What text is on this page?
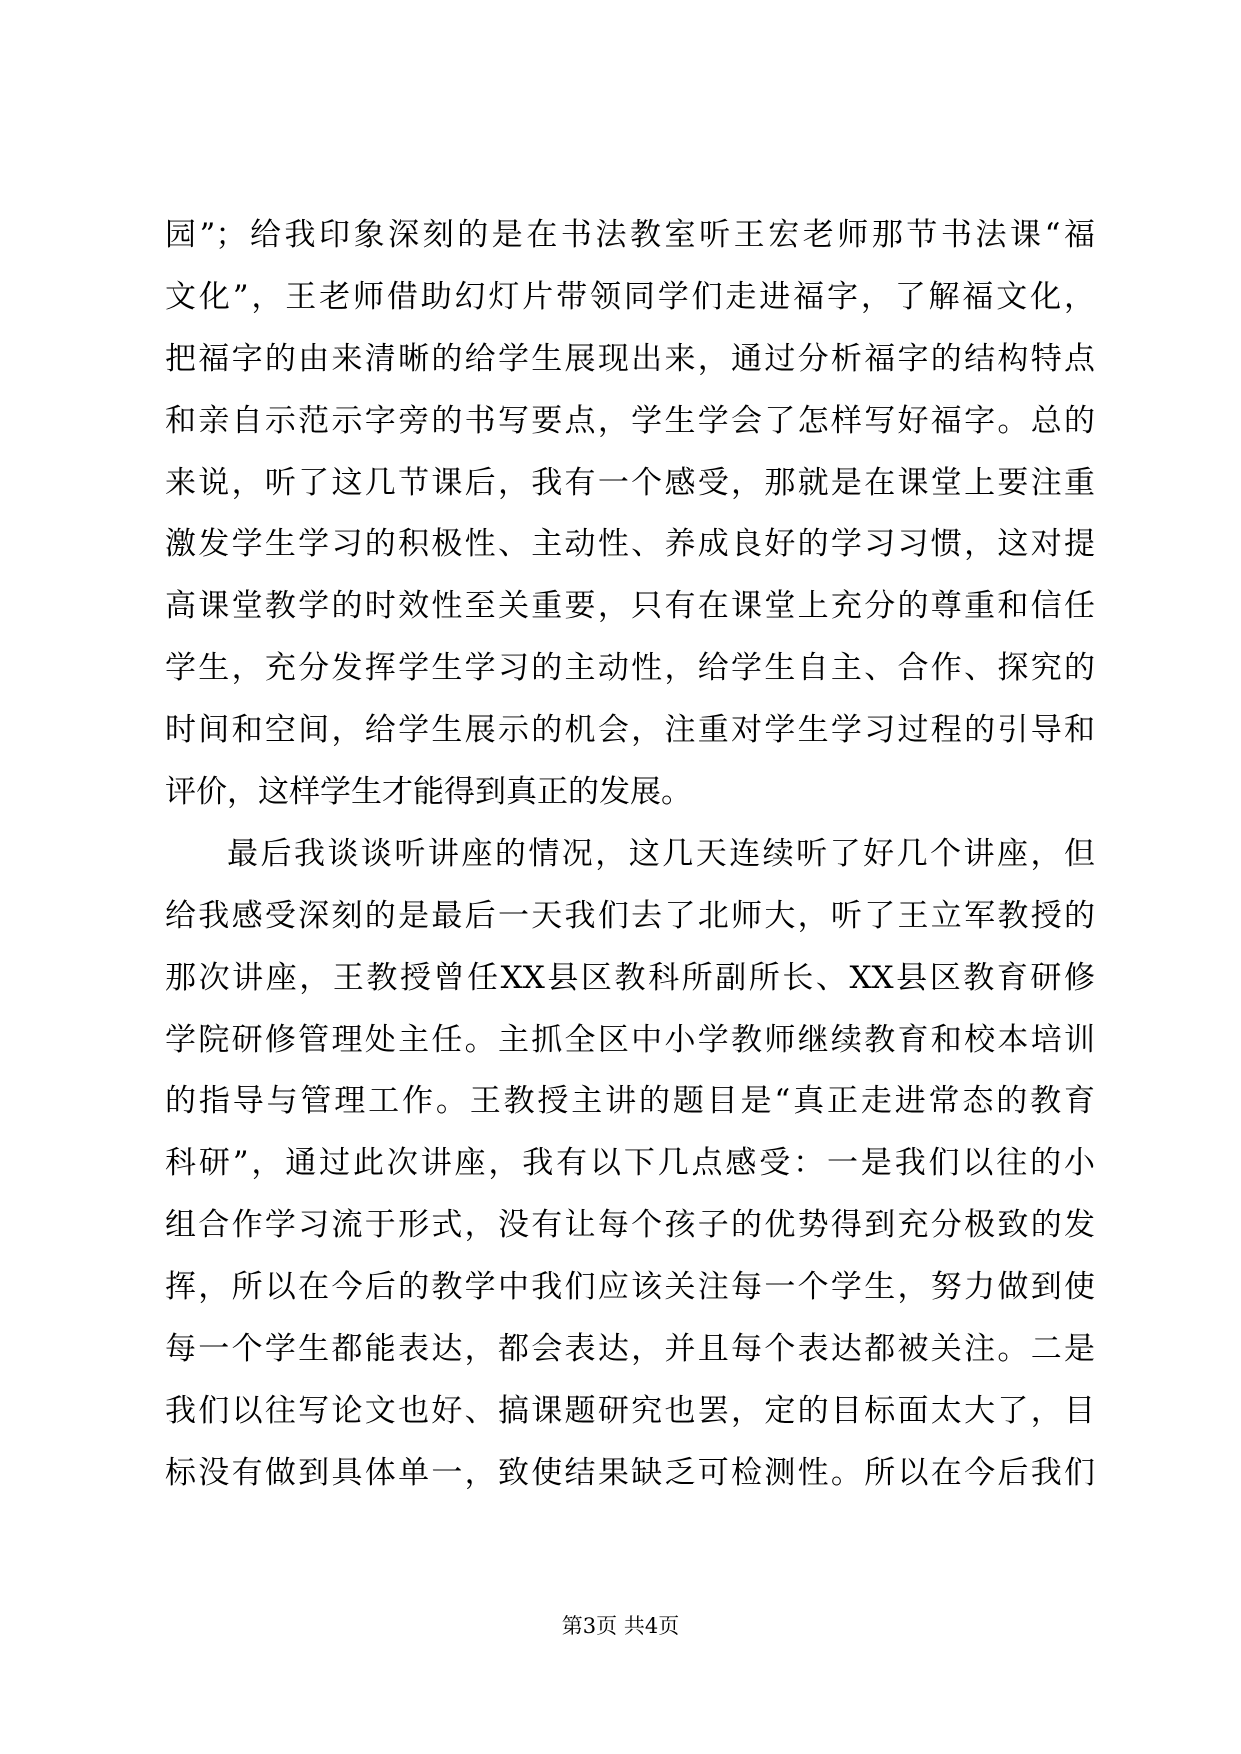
园”；给我印象深刻的是在书法教室听王宏老师那节书法课“福
文化”，王老师借助幻灯片带领同学们走进福字，了解福文化，
把福字的由来清晰的给学生展现出来，通过分析福字的结构特点
和亲自示范示字旁的书写要点，学生学会了怎样写好福字。总的
来说，听了这几节课后，我有一个感受，那就是在课堂上要注重
激发学生学习的积极性、主动性、养成良好的学习习惯，这对提
高课堂教学的时效性至关重要，只有在课堂上充分的尊重和信任
学生，充分发挥学生学习的主动性，给学生自主、合作、探究的
时间和空间，给学生展示的机会，注重对学生学习过程的引导和
评价，这样学生才能得到真正的发展。
最后我谈谈听讲座的情况，这几天连续听了好几个讲座，但
给我感受深刻的是最后一天我们去了北师大，听了王立军教授的
那次讲座，王教授曾任XX县区教科所副所长、XX县区教育研修
学院研修管理处主任。主抓全区中小学教师继续教育和校本培训
的指导与管理工作。王教授主讲的题目是“真正走进常态的教育
科研”，通过此次讲座，我有以下几点感受：一是我们以往的小
组合作学习流于形式，没有让每个孩子的优势得到充分极致的发
挥，所以在今后的教学中我们应该关注每一个学生，努力做到使
每一个学生都能表达，都会表达，并且每个表达都被关注。二是
我们以往写论文也好、搞课题研究也罢，定的目标面太大了，目
标没有做到具体单一，致使结果缺乏可检测性。所以在今后我们
第3页 共4页
